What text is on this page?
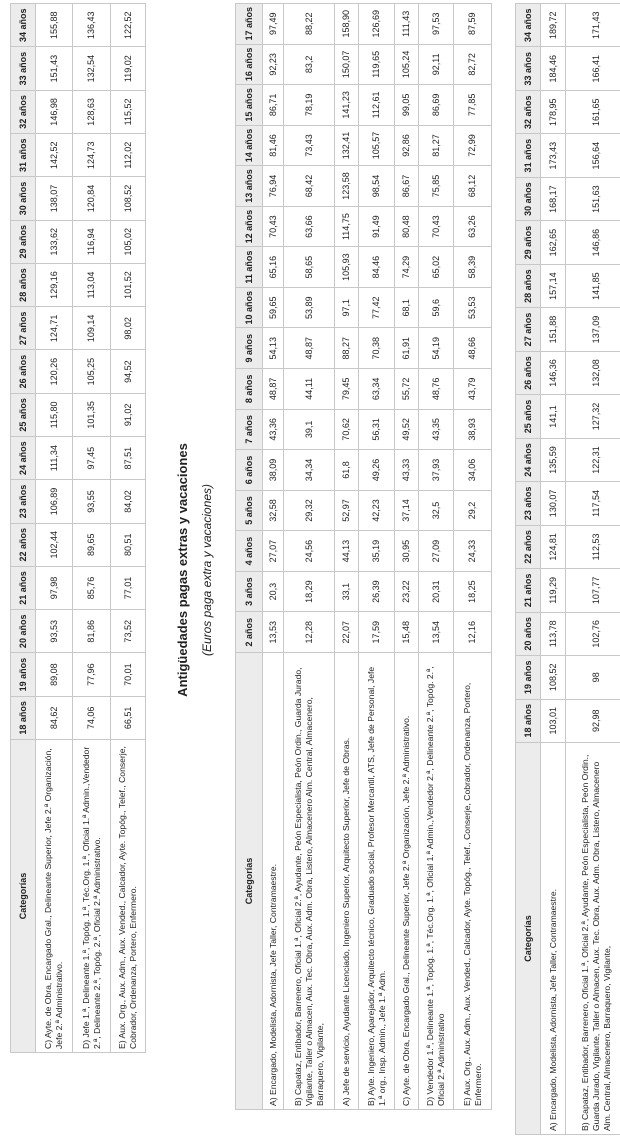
Categorías	18 años	19 años	20 años	21 años	22 años	23 años	24 años	25 años	26 años	27 años	28 años	29 años	30 años	31 años	32 años	33 años	34 años
C) Ayte. de Obra, Encargado Gral., Delineante Superior, Jefe 2.ª Organización, Jefe 2.ª Administrativo.	84,62	89,08	93,53	97,98	102,44	106,89	111,34	115,80	120,26	124,71	129,16	133,62	138,07	142,52	146,98	151,43	155,88
D) Jefe 1.ª, Delineante 1.ª, Topóg. 1.ª, Téc.Org. 1.ª, Oficial 1.ª Admin.,Vendedor 2.ª, Delineante 2.ª, Topóg. 2.ª, Oficial 2.ª Administrativo.	74,06	77,96	81,86	85,76	89,65	93,55	97,45	101,35	105,25	109,14	113,04	116,94	120,84	124,73	128,63	132,54	136,43
E) Aux. Org., Aux. Adm., Aux. Vended., Calcador, Ayte. Topóg., Telef., Conserje, Cobrador, Ordenanza, Portero, Enfermero.	66,51	70,01	73,52	77,01	80,51	84,02	87,51	91,02	94,52	98,02	101,52	105,02	108,52	112,02	115,52	119,02	122,52
Antigüedades pagas extras y vacaciones (Euros paga extra y vacaciones)
Categorías	2 años	3 años	4 años	5 años	6 años	7 años	8 años	9 años	10 años	11 años	12 años	13 años	14 años	15 años	16 años	17 años
A) Encargado, Modelista, Adornista, Jefe Taller, Contramaestre.	13,53	20,3	27,07	32,58	38,09	43,36	48,87	54,13	59,65	65,16	70,43	76,94	81,46	86,71	92,23	97,49
B) Capataz, Entibador, Barrenero, Oficial 1.ª, Oficial 2.ª, Ayudante, Peón Especialista, Peón Ordin., Guarda Jurado, Vigilante, Taller o Almacen, Aux. Tec. Obra, Aux. Adm. Obra, Listero, Almacenero Alm. Central, Almacenero, Barraquero, Vigilante,	12,28	18,29	24,56	29,32	34,34	39,1	44,11	48,87	53,89	58,65	63,66	68,42	73,43	78,19	83,2	88,22
A) Jefe de servicio, Ayudante Licenciado, Ingeniero Superior, Arquitecto Superior, Jefe de Obras.	22,07	33,1	44,13	52,97	61,8	70,62	79,45	88,27	97,1	105,93	114,75	123,58	132,41	141,23	150,07	158,90
B) Ayte. Ingeniero, Aparejador, Arquitecto técnico, Graduado social, Profesor Mercantil, ATS, Jefe de Personal, Jefe 1.ª org., Insp. Admin., Jefe 1.ª Adm.	17,59	26,39	35,19	42,23	49,26	56,31	63,34	70,38	77,42	84,46	91,49	98,54	105,57	112,61	119,65	126,69
C) Ayte. de Obra, Encargado Gral., Delineante Superior, Jefe 2.ª Organización, Jefe 2.ª Administrativo.	15,48	23,22	30,95	37,14	43,33	49,52	55,72	61,91	68,1	74,29	80,48	86,67	92,86	99,05	105,24	111,43
D) Vendedor 1.ª, Delineante 1.ª, Topóg. 1.ª, Téc.Org. 1.ª, Oficial 1.ª Admin.,Vendedor 2.ª, Delineante 2.ª, Topóg. 2.ª, Oficial 2.ª Administrativo	13,54	20,31	27,09	32,5	37,93	43,35	48,76	54,19	59,6	65,02	70,43	75,85	81,27	86,69	92,11	97,53
E) Aux. Org., Aux. Adm., Aux. Vended., Calcador, Ayte. Topóg., Telef., Conserje, Cobrador, Ordenanza, Portero, Enfermero.	12,16	18,25	24,33	29,2	34,06	38,93	43,79	48,66	53,53	58,39	63,26	68,12	72,99	77,85	82,72	87,59
Categorías	18 años	19 años	20 años	21 años	22 años	23 años	24 años	25 años	26 años	27 años	28 años	29 años	30 años	31 años	32 años	33 años	34 años
A) Encargado, Modelista, Adornista, Jefe Taller, Contramaestre.	103,01	108,52	113,78	119,29	124,81	130,07	135,59	141,1	146,36	151,88	157,14	162,65	168,17	173,43	178,95	184,46	189,72
B) Capataz, Entibador, Barrenero, Oficial 1.ª, Oficial 2.ª, Ayudante, Peón Especialista, Peón Ordin., Guarda Jurado, Vigilante, Taller o Almacen, Aux. Tec. Obra, Aux. Adm. Obra, Listero, Almacenero Alm. Central, Almacenero, Barraquero, Vigilante,	92,98	98	102,76	107,77	112,53	117,54	122,31	127,32	132,08	137,09	141,85	146,86	151,63	156,64	161,65	166,41	171,43
